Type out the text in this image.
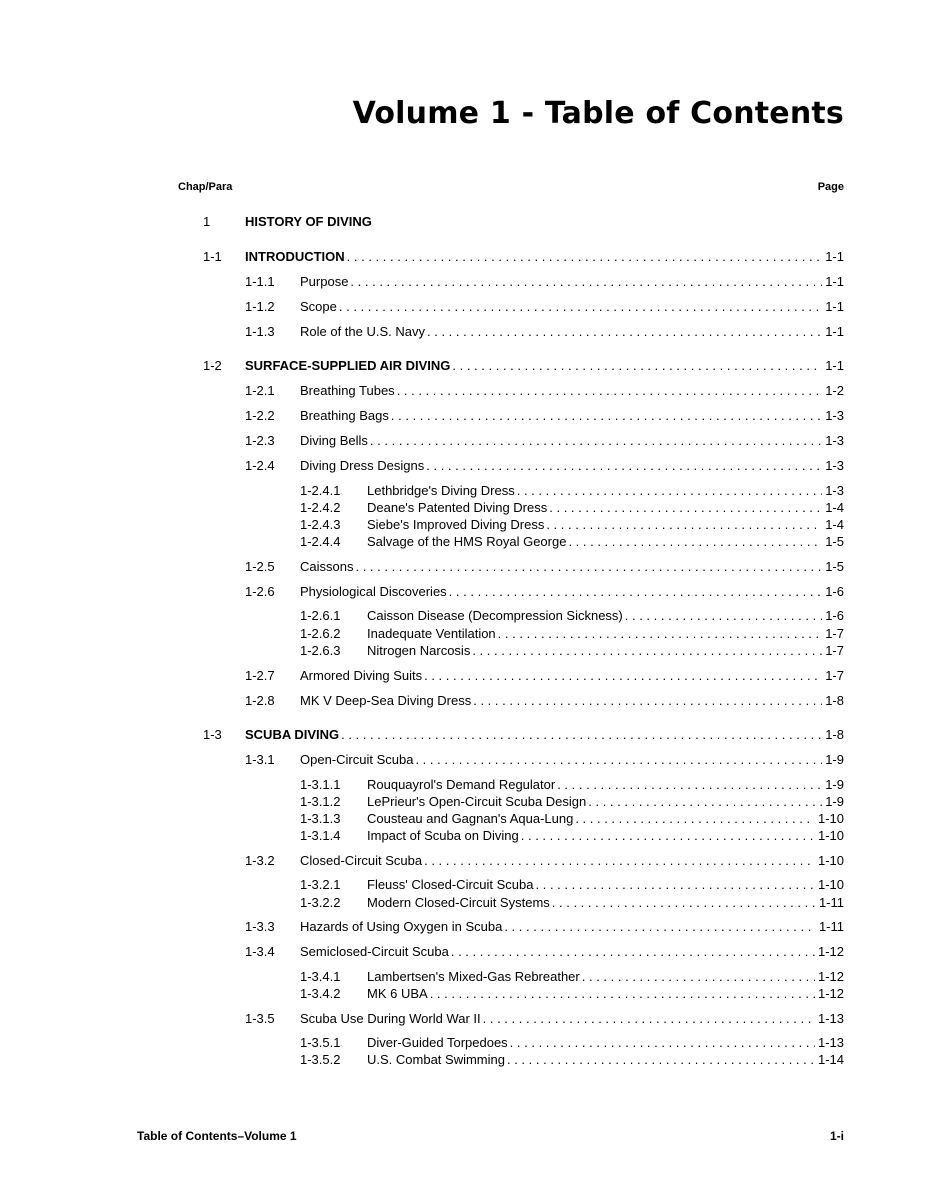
Volume 1 - Table of Contents
Chap/Para	Page
1	HISTORY OF DIVING
1-1 INTRODUCTION . . .	1-1
1-1.1 Purpose . . .	1-1
1-1.2 Scope . . .	1-1
1-1.3 Role of the U.S. Navy . . .	1-1
1-2 SURFACE-SUPPLIED AIR DIVING . . .	1-1
1-2.1 Breathing Tubes . . .	1-2
1-2.2 Breathing Bags . . .	1-3
1-2.3 Diving Bells . . .	1-3
1-2.4 Diving Dress Designs . . .	1-3
1-2.4.1 Lethbridge's Diving Dress . . .	1-3
1-2.4.2 Deane's Patented Diving Dress . . .	1-4
1-2.4.3 Siebe's Improved Diving Dress . . .	1-4
1-2.4.4 Salvage of the HMS Royal George . . .	1-5
1-2.5 Caissons . . .	1-5
1-2.6 Physiological Discoveries . . .	1-6
1-2.6.1 Caisson Disease (Decompression Sickness) . . .	1-6
1-2.6.2 Inadequate Ventilation . . .	1-7
1-2.6.3 Nitrogen Narcosis . . .	1-7
1-2.7 Armored Diving Suits . . .	1-7
1-2.8 MK V Deep-Sea Diving Dress . . .	1-8
1-3 SCUBA DIVING . . .	1-8
1-3.1 Open-Circuit Scuba . . .	1-9
1-3.1.1 Rouquayrol's Demand Regulator . . .	1-9
1-3.1.2 LePrieur's Open-Circuit Scuba Design . . .	1-9
1-3.1.3 Cousteau and Gagnan's Aqua-Lung . . .	1-10
1-3.1.4 Impact of Scuba on Diving . . .	1-10
1-3.2 Closed-Circuit Scuba . . .	1-10
1-3.2.1 Fleuss' Closed-Circuit Scuba . . .	1-10
1-3.2.2 Modern Closed-Circuit Systems . . .	1-11
1-3.3 Hazards of Using Oxygen in Scuba . . .	1-11
1-3.4 Semiclosed-Circuit Scuba . . .	1-12
1-3.4.1 Lambertsen's Mixed-Gas Rebreather . . .	1-12
1-3.4.2 MK 6 UBA . . .	1-12
1-3.5 Scuba Use During World War II . . .	1-13
1-3.5.1 Diver-Guided Torpedoes . . .	1-13
1-3.5.2 U.S. Combat Swimming . . .	1-14
Table of Contents–Volume 1	1-i
